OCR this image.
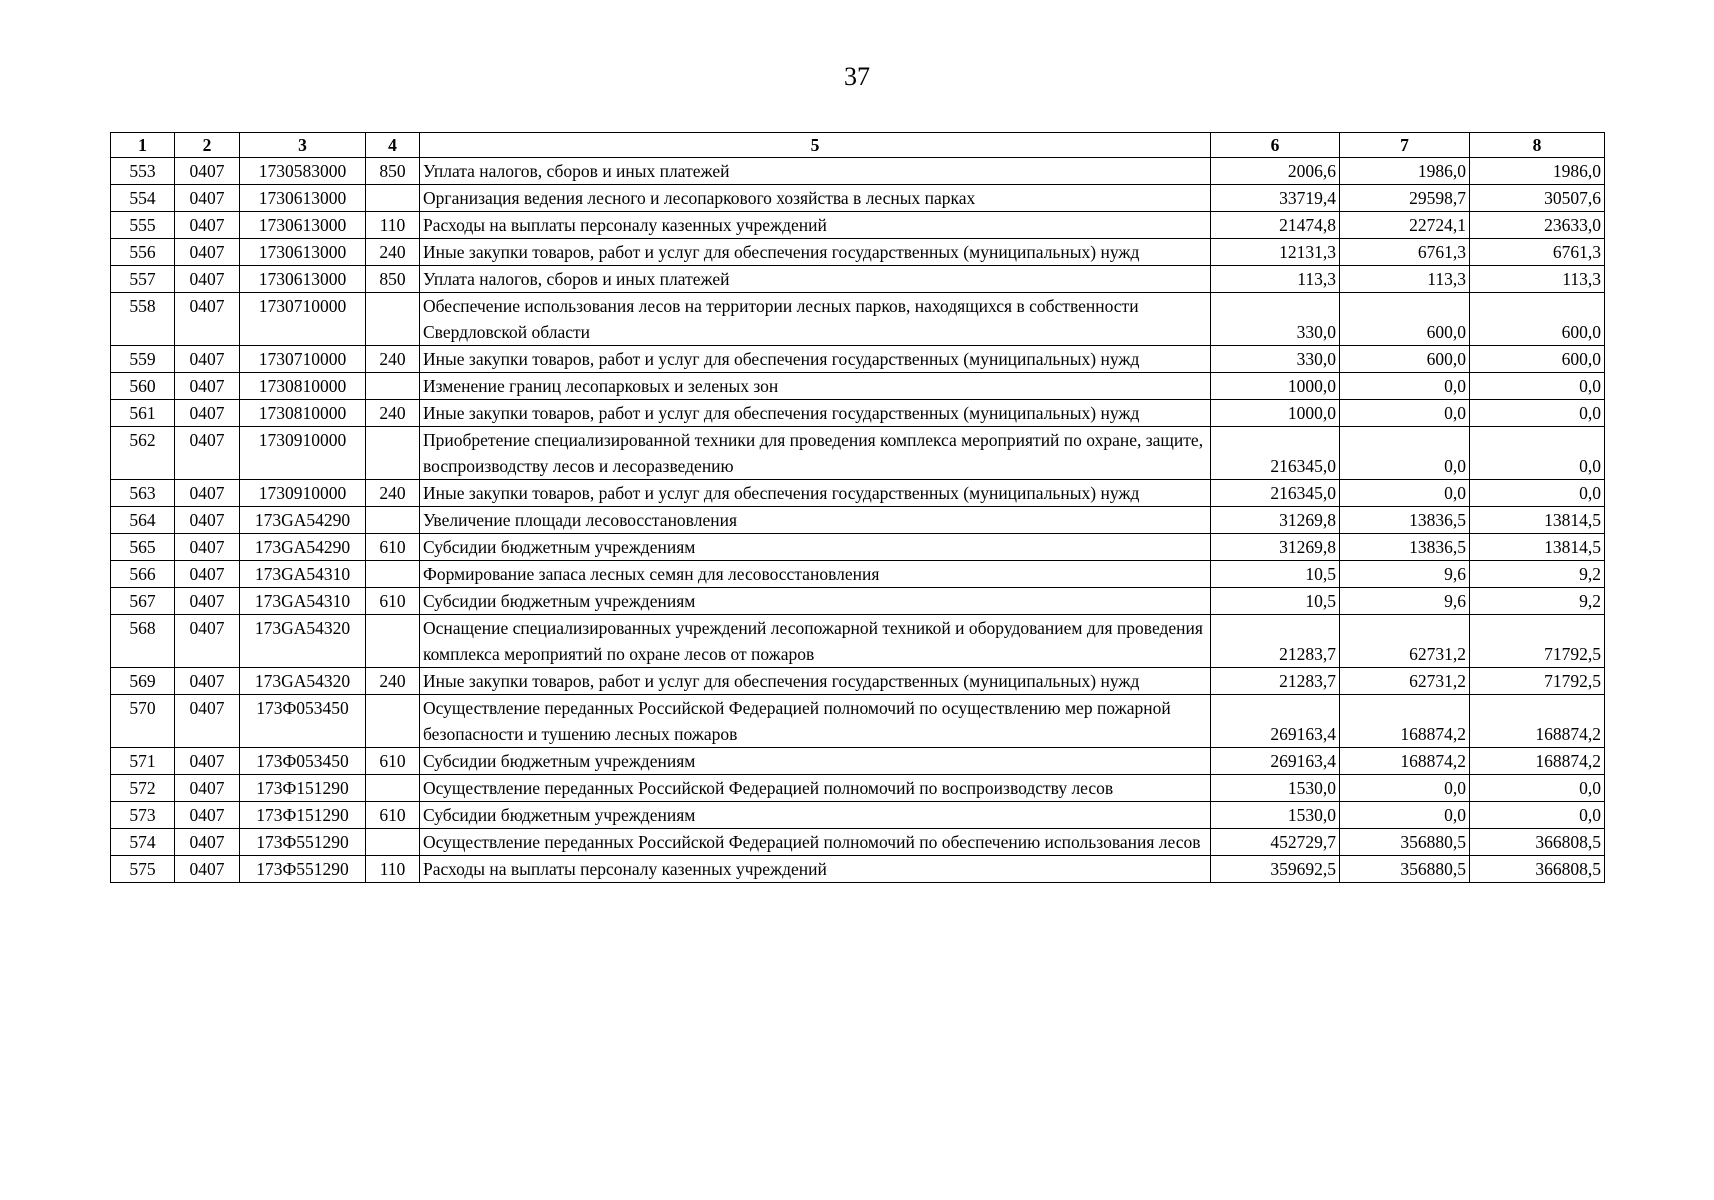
37
1	2	3	4	5	6	7	8
553	0407	1730583000	850	Уплата налогов, сборов и иных платежей	2006,6	1986,0	1986,0
554	0407	1730613000		Организация ведения лесного и лесопаркового хозяйства в лесных парках	33719,4	29598,7	30507,6
555	0407	1730613000	110	Расходы на выплаты персоналу казенных учреждений	21474,8	22724,1	23633,0
556	0407	1730613000	240	Иные закупки товаров, работ и услуг для обеспечения государственных (муниципальных) нужд	12131,3	6761,3	6761,3
557	0407	1730613000	850	Уплата налогов, сборов и иных платежей	113,3	113,3	113,3
558	0407	1730710000		Обеспечение использования лесов на территории лесных парков, находящихся в собственности Свердловской области	330,0	600,0	600,0
559	0407	1730710000	240	Иные закупки товаров, работ и услуг для обеспечения государственных (муниципальных) нужд	330,0	600,0	600,0
560	0407	1730810000		Изменение границ лесопарковых и зеленых зон	1000,0	0,0	0,0
561	0407	1730810000	240	Иные закупки товаров, работ и услуг для обеспечения государственных (муниципальных) нужд	1000,0	0,0	0,0
562	0407	1730910000		Приобретение специализированной техники для проведения комплекса мероприятий по охране, защите, воспроизводству лесов и лесоразведению	216345,0	0,0	0,0
563	0407	1730910000	240	Иные закупки товаров, работ и услуг для обеспечения государственных (муниципальных) нужд	216345,0	0,0	0,0
564	0407	173GA54290		Увеличение площади лесовосстановления	31269,8	13836,5	13814,5
565	0407	173GA54290	610	Субсидии бюджетным учреждениям	31269,8	13836,5	13814,5
566	0407	173GA54310		Формирование запаса лесных семян для лесовосстановления	10,5	9,6	9,2
567	0407	173GA54310	610	Субсидии бюджетным учреждениям	10,5	9,6	9,2
568	0407	173GA54320		Оснащение специализированных учреждений лесопожарной техникой и оборудованием для проведения комплекса мероприятий по охране лесов от пожаров	21283,7	62731,2	71792,5
569	0407	173GA54320	240	Иные закупки товаров, работ и услуг для обеспечения государственных (муниципальных) нужд	21283,7	62731,2	71792,5
570	0407	173Ф053450		Осуществление переданных Российской Федерацией полномочий по осуществлению мер пожарной безопасности и тушению лесных пожаров	269163,4	168874,2	168874,2
571	0407	173Ф053450	610	Субсидии бюджетным учреждениям	269163,4	168874,2	168874,2
572	0407	173Ф151290		Осуществление переданных Российской Федерацией полномочий по воспроизводству лесов	1530,0	0,0	0,0
573	0407	173Ф151290	610	Субсидии бюджетным учреждениям	1530,0	0,0	0,0
574	0407	173Ф551290		Осуществление переданных Российской Федерацией полномочий по обеспечению использования лесов	452729,7	356880,5	366808,5
575	0407	173Ф551290	110	Расходы на выплаты персоналу казенных учреждений	359692,5	356880,5	366808,5
